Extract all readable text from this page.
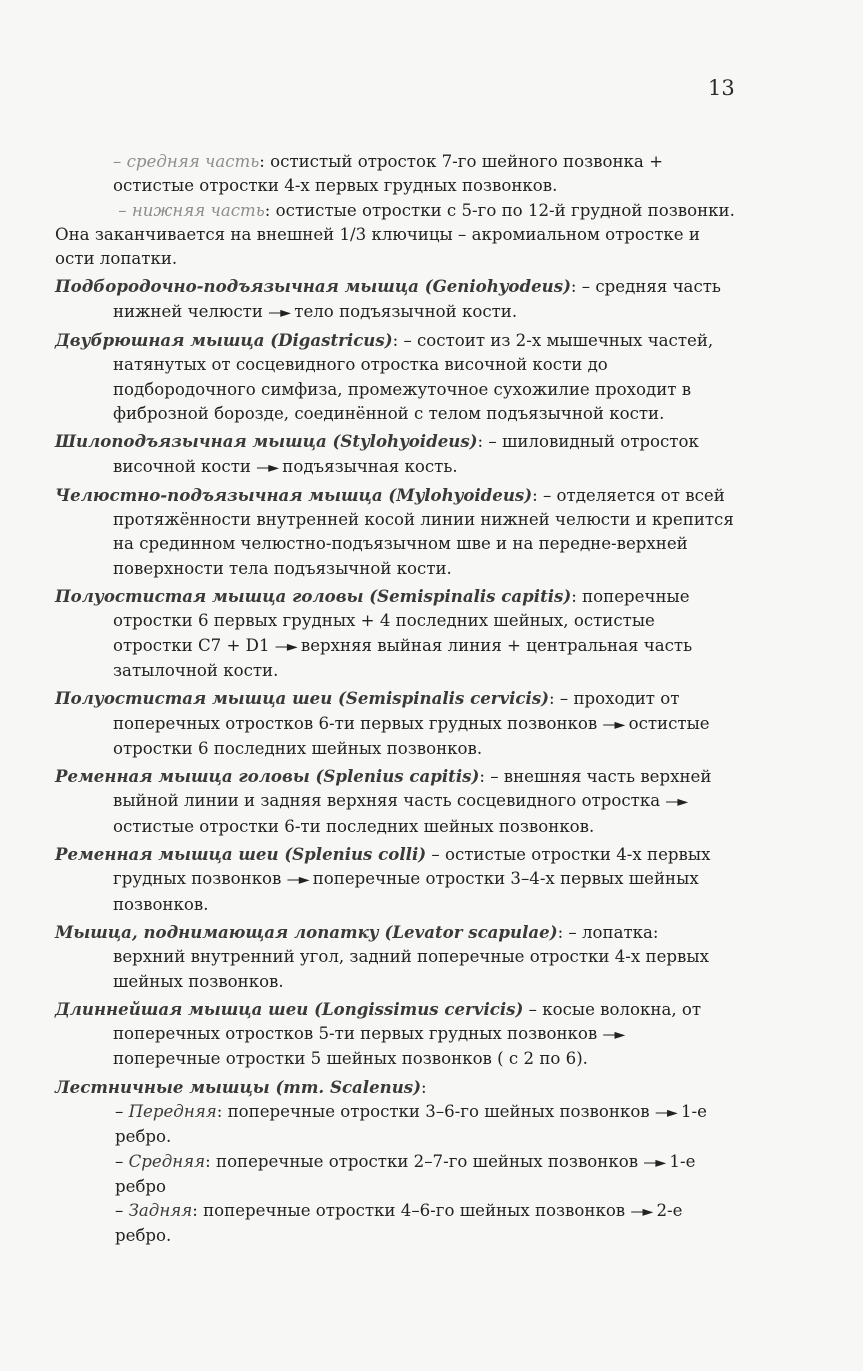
13

– средняя часть: остистый отросток 7-го шейного позвонка + остистые отростки 4-х первых грудных позвонков.

– нижняя часть: остистые отростки с 5-го по 12-й грудной позвонки.

Она заканчивается на внешней 1/3 ключицы – акромиальном отростке и ости лопатки.

Подбородочно-подъязычная мышца (Geniohyodeus): – средняя часть нижней челюсти —► тело подъязычной кости.

Двубрюшная мышца (Digastricus): – состоит из 2-х мышечных частей, натянутых от сосцевидного отростка височной кости до подбородочного симфиза, промежуточное сухожилие проходит в фиброзной борозде, соединённой с телом подъязычной кости.

Шилоподъязычная мышца (Stylohyoideus): – шиловидный отросток височной кости —► подъязычная кость.

Челюстно-подъязычная мышца (Mylohyoideus): – отделяется от всей протяжённости внутренней косой линии нижней челюсти и крепится на срединном челюстно-подъязычном шве и на передне-верхней поверхности тела подъязычной кости.

Полуостистая мышца головы (Semispinalis capitis): поперечные отростки 6 первых грудных + 4 последних шейных, остистые отростки С7 + D1 —► верхняя выйная линия + центральная часть затылочной кости.

Полуостистая мышца шеи (Semispinalis cervicis): – проходит от поперечных отростков 6-ти первых грудных позвонков —► остистые отростки 6 последних шейных позвонков.

Ременная мышца головы (Splenius capitis): – внешняя часть верхней выйной линии и задняя верхняя часть сосцевидного отростка —► остистые отростки 6-ти последних шейных позвонков.

Ременная мышца шеи (Splenius colli) – остистые отростки 4-х первых грудных позвонков —► поперечные отростки 3–4-х первых шейных позвонков.

Мышца, поднимающая лопатку (Levator scapulae): – лопатка: верхний внутренний угол, задний поперечные отростки 4-х первых шейных позвонков.

Длиннейшая мышца шеи (Longissimus cervicis) – косые волокна, от поперечных отростков 5-ти первых грудных позвонков —► поперечные отростки 5 шейных позвонков ( с 2 по 6).

Лестничные мышцы (mm. Scalenus):

– Передняя: поперечные отростки 3–6-го шейных позвонков —► 1-е ребро.
– Средняя: поперечные отростки 2–7-го шейных позвонков —► 1-е ребро
– Задняя: поперечные отростки 4–6-го шейных позвонков —► 2-е ребро.
